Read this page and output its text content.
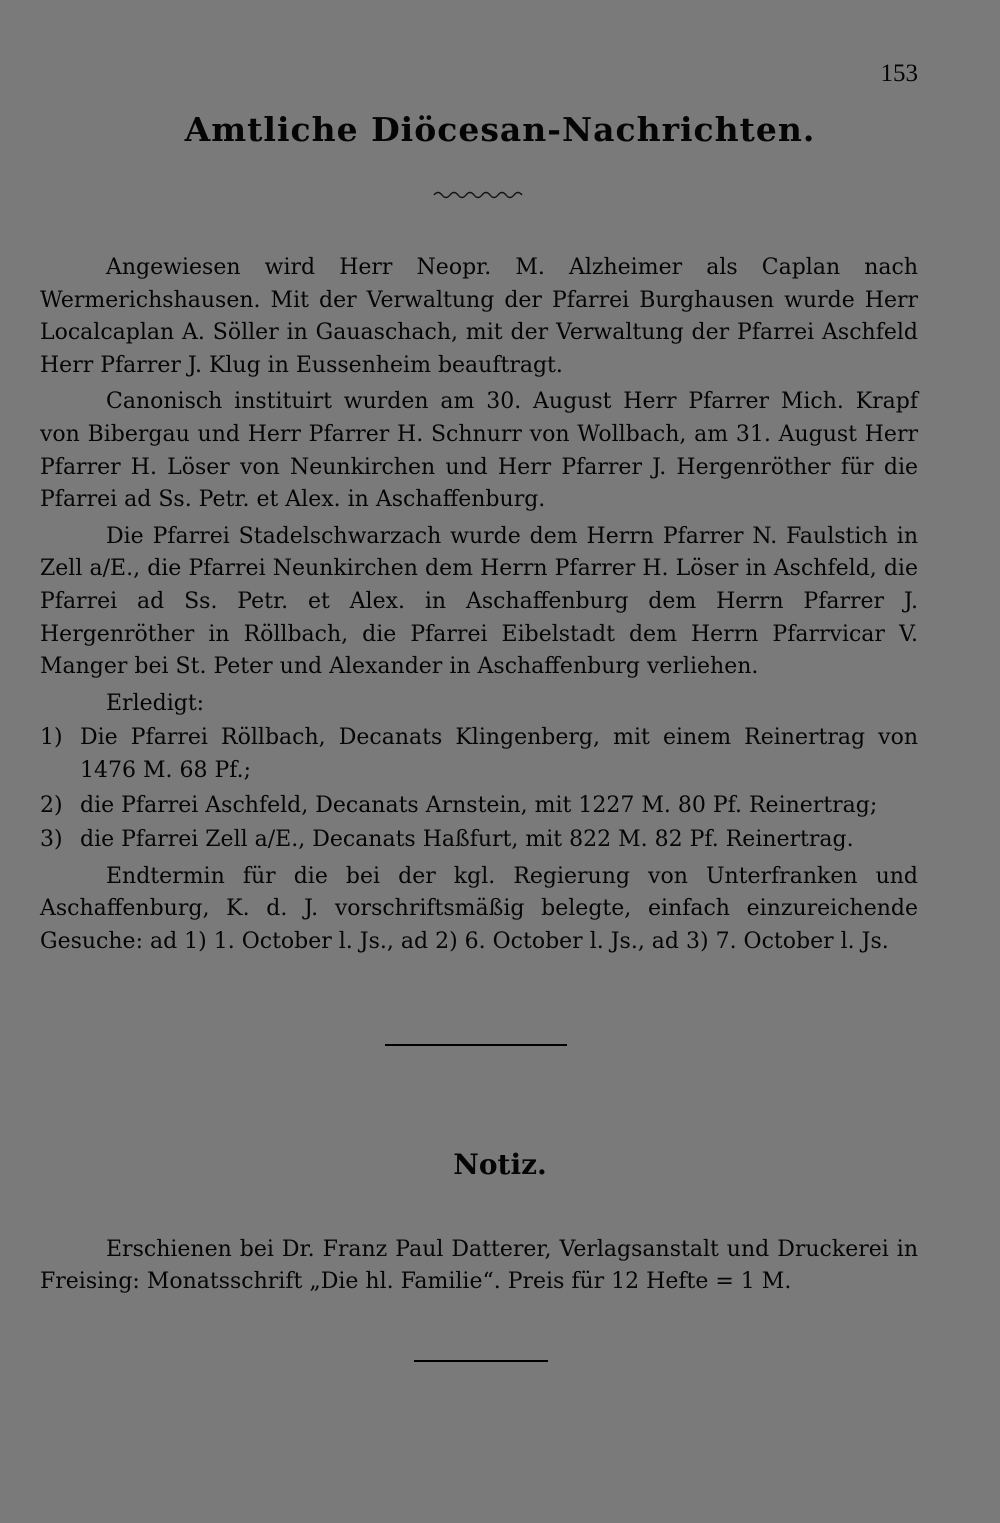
153
Amtliche Diöcesan-Nachrichten.

Angewiesen wird Herr Neopr. M. Alzheimer als Caplan nach Wermerichshausen. Mit der Verwaltung der Pfarrei Burghausen wurde Herr Localcaplan A. Söller in Gauaschach, mit der Verwaltung der Pfarrei Aschfeld Herr Pfarrer J. Klug in Eussenheim beauftragt.

Canonisch instituirt wurden am 30. August Herr Pfarrer Mich. Krapf von Bibergau und Herr Pfarrer H. Schnurr von Wollbach, am 31. August Herr Pfarrer H. Löser von Neunkirchen und Herr Pfarrer J. Hergenröther für die Pfarrei ad Ss. Petr. et Alex. in Aschaffenburg.

Die Pfarrei Stadelschwarzach wurde dem Herrn Pfarrer N. Faulstich in Zell a/E., die Pfarrei Neunkirchen dem Herrn Pfarrer H. Löser in Aschfeld, die Pfarrei ad Ss. Petr. et Alex. in Aschaffenburg dem Herrn Pfarrer J. Hergenröther in Röllbach, die Pfarrei Eibelstadt dem Herrn Pfarrvicar V. Manger bei St. Peter und Alexander in Aschaffenburg verliehen.

Erledigt:

1) Die Pfarrei Röllbach, Decanats Klingenberg, mit einem Reinertrag von 1476 M. 68 Pf.;
2) die Pfarrei Aschfeld, Decanats Arnstein, mit 1227 M. 80 Pf. Reinertrag;
3) die Pfarrei Zell a/E., Decanats Haßfurt, mit 822 M. 82 Pf. Reinertrag.

Endtermin für die bei der kgl. Regierung von Unterfranken und Aschaffenburg, K. d. J. vorschriftsmäßig belegte, einfach einzureichende Gesuche: ad 1) 1. October l. Js., ad 2) 6. October l. Js., ad 3) 7. October l. Js.

Notiz.

Erschienen bei Dr. Franz Paul Datterer, Verlagsanstalt und Druckerei in Freising: Monatsschrift „Die hl. Familie“. Preis für 12 Hefte = 1 M.
